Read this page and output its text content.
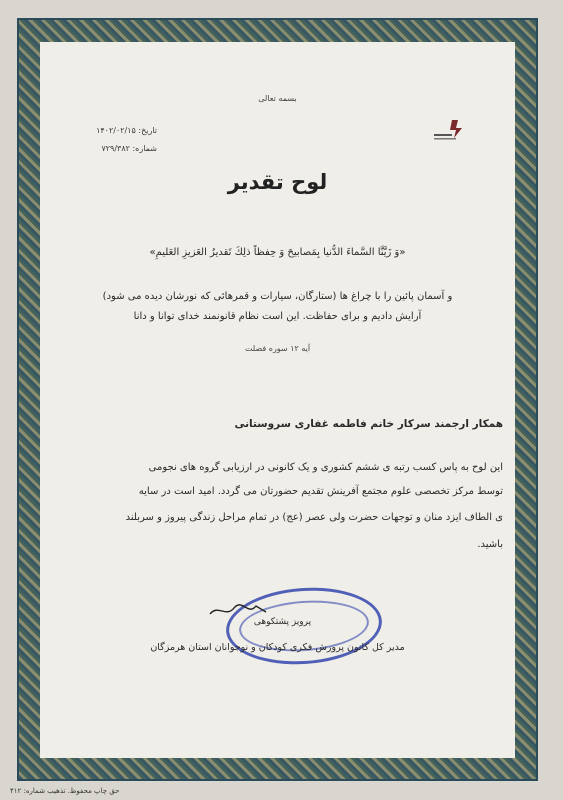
بسمه تعالی
تاریخ: ۱۴۰۲/۰۲/۱۵
شماره: ۷۲۹/۳۸۲
لوح تقدیر
«وَ زَيَّنَّا السَّماءَ الدُّنيا بِمَصابيحَ وَ حِفظاً ذلِكَ تَقديرُ العَزيزِ العَليمِ»
و آسمان پائین را با چراغ ها (ستارگان، سیارات و قمرهائی که نورشان دیده می شود)
آرایش دادیم و برای حفاظت. این است نظام قانونمند خدای توانا و دانا
آیه ۱۲ سوره فصلت
همکار ارجمند سرکار خانم فاطمه غفاری سروستانی
این لوح به پاس کسب رتبه ی ششم کشوری و یک کانونی در ارزیابی گروه های نجومی
توسط مرکز تخصصی علوم مجتمع آفرینش تقدیم حضورتان می گردد. امید است در سایه
ی الطاف ایزد منان و توجهات حضرت ولی عصر (عج) در تمام مراحل زندگی پیروز و سربلند
باشید.
پرویز پشتکوهی
مدیر کل کانون پرورش فکری کودکان و نوجوانان استان هرمزگان
حق چاپ محفوظ. تذهیب شماره: ۴۱۲
